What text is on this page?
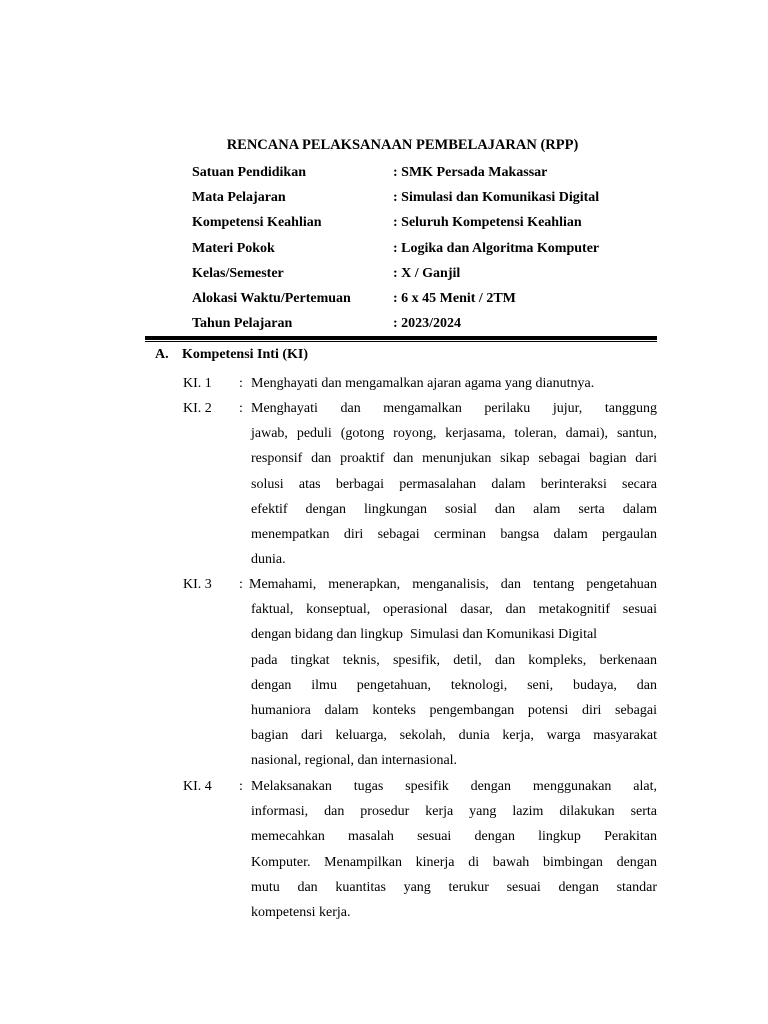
RENCANA PELAKSANAAN PEMBELAJARAN (RPP)
Satuan Pendidikan	: SMK Persada Makassar
Mata Pelajaran	: Simulasi dan Komunikasi Digital
Kompetensi Keahlian	: Seluruh Kompetensi Keahlian
Materi Pokok	: Logika dan Algoritma Komputer
Kelas/Semester	: X / Ganjil
Alokasi Waktu/Pertemuan	: 6 x 45 Menit / 2TM
Tahun Pelajaran	: 2023/2024
A. Kompetensi Inti (KI)
KI. 1 : Menghayati dan mengamalkan ajaran agama yang dianutnya.
KI. 2 : Menghayati dan mengamalkan perilaku jujur, tanggung
jawab, peduli (gotong royong, kerjasama, toleran, damai), santun,
responsif dan proaktif dan menunjukan sikap sebagai bagian dari
solusi atas berbagai permasalahan dalam berinteraksi secara
efektif dengan lingkungan sosial dan alam serta dalam
menempatkan diri sebagai cerminan bangsa dalam pergaulan
dunia.
KI. 3 : Memahami, menerapkan, menganalisis, dan tentang pengetahuan
faktual, konseptual, operasional dasar, dan metakognitif sesuai
dengan bidang dan lingkup  Simulasi dan Komunikasi Digital
pada tingkat teknis, spesifik, detil, dan kompleks, berkenaan
dengan ilmu pengetahuan, teknologi, seni, budaya, dan
humaniora dalam konteks pengembangan potensi diri sebagai
bagian dari keluarga, sekolah, dunia kerja, warga masyarakat
nasional, regional, dan internasional.
KI. 4 : Melaksanakan tugas spesifik dengan menggunakan alat,
informasi, dan prosedur kerja yang lazim dilakukan serta
memecahkan masalah sesuai dengan lingkup Perakitan
Komputer. Menampilkan kinerja di bawah bimbingan dengan
mutu dan kuantitas yang terukur sesuai dengan standar
kompetensi kerja.
